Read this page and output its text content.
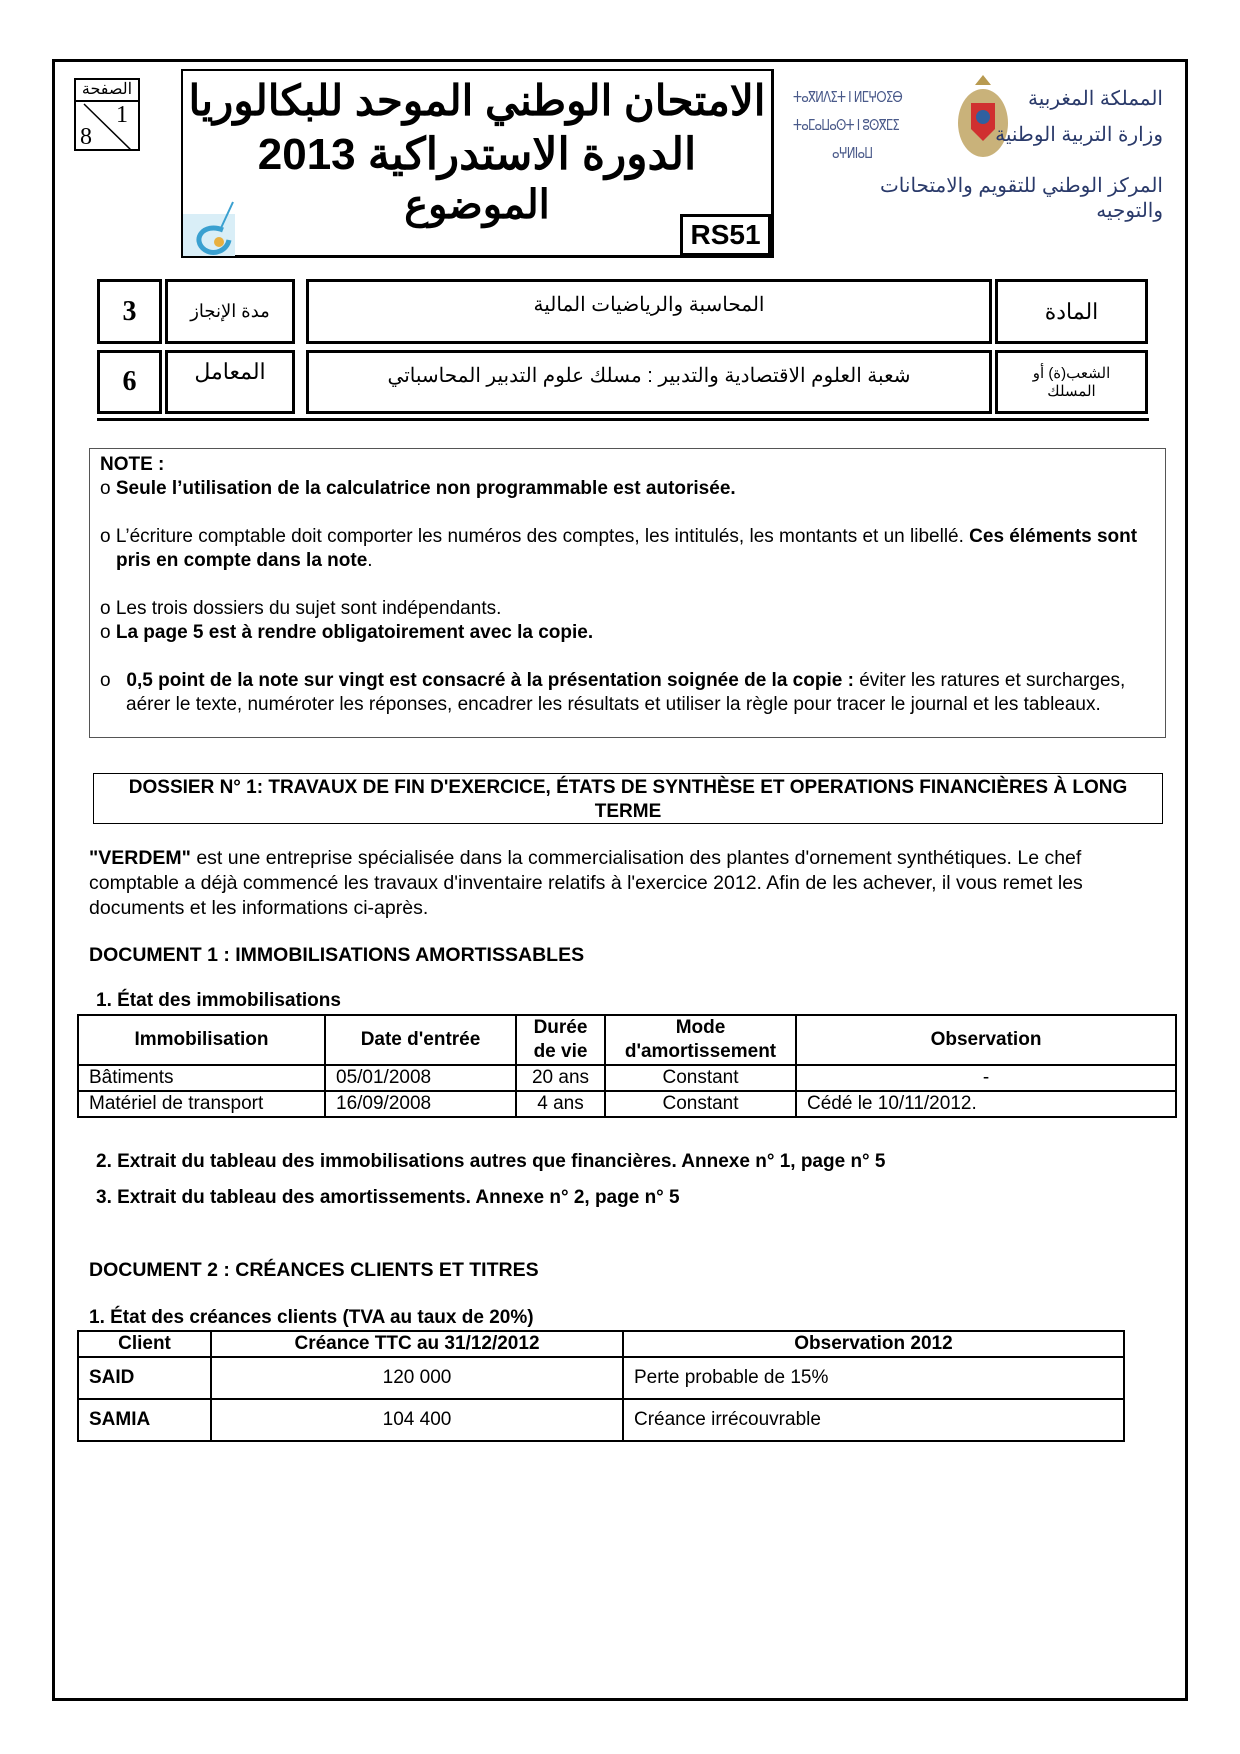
الصفحة
1
8
الامتحان الوطني الموحد للبكالوريا
الدورة الاستدراكية 2013
الموضوع
RS51
ⵜⴰⴳⵍⴷⵉⵜ ⵏ ⵍⵎⵖⵔⵉⴱ
ⵜⴰⵎⴰⵡⴰⵙⵜ ⵏ ⵓⵙⴳⵎⵉ
ⴰⵖⵍⵏⴰⵡ
المملكة المغربية
وزارة التربية الوطنية
المركز الوطني للتقويم والامتحانات والتوجيه
3	مدة الإنجاز	المحاسبة والرياضيات المالية	المادة
6	المعامل	شعبة العلوم الاقتصادية والتدبير : مسلك علوم التدبير المحاسباتي	الشعب(ة) أو المسلك
NOTE :

o Seule l’utilisation de la calculatrice non programmable est autorisée.

o L’écriture comptable doit comporter les numéros des comptes, les intitulés, les montants et un libellé. Ces éléments sont pris en compte dans la note.

o Les trois dossiers du sujet sont indépendants.

o La page 5 est à rendre obligatoirement avec la copie.

o 0,5 point de la note sur vingt est consacré à la présentation soignée de la copie : éviter les ratures et surcharges, aérer le texte, numéroter les réponses, encadrer les résultats et utiliser la règle pour tracer le journal et les tableaux.

DOSSIER N° 1: TRAVAUX DE FIN D'EXERCICE, ÉTATS DE SYNTHÈSE ET OPERATIONS FINANCIÈRES À LONG TERME
"VERDEM" est une entreprise spécialisée dans la commercialisation des plantes d'ornement synthétiques. Le chef comptable a déjà commencé les travaux d'inventaire relatifs à l'exercice 2012. Afin de les achever, il vous remet les documents et les informations ci-après.
DOCUMENT 1 : IMMOBILISATIONS AMORTISSABLES
1. État des immobilisations
Immobilisation	Date d'entrée	Durée de vie	Mode d'amortissement	Observation
Bâtiments	05/01/2008	20 ans	Constant	-
Matériel de transport	16/09/2008	4 ans	Constant	Cédé le 10/11/2012.
2. Extrait du tableau des immobilisations autres que financières. Annexe n° 1, page n° 5
3. Extrait du tableau des amortissements. Annexe n° 2, page n° 5
DOCUMENT 2 : CRÉANCES CLIENTS ET TITRES
1. État des créances clients (TVA au taux de 20%)
Client	Créance TTC au 31/12/2012	Observation 2012
SAID	120 000	Perte probable de 15%
SAMIA	104 400	Créance irrécouvrable
